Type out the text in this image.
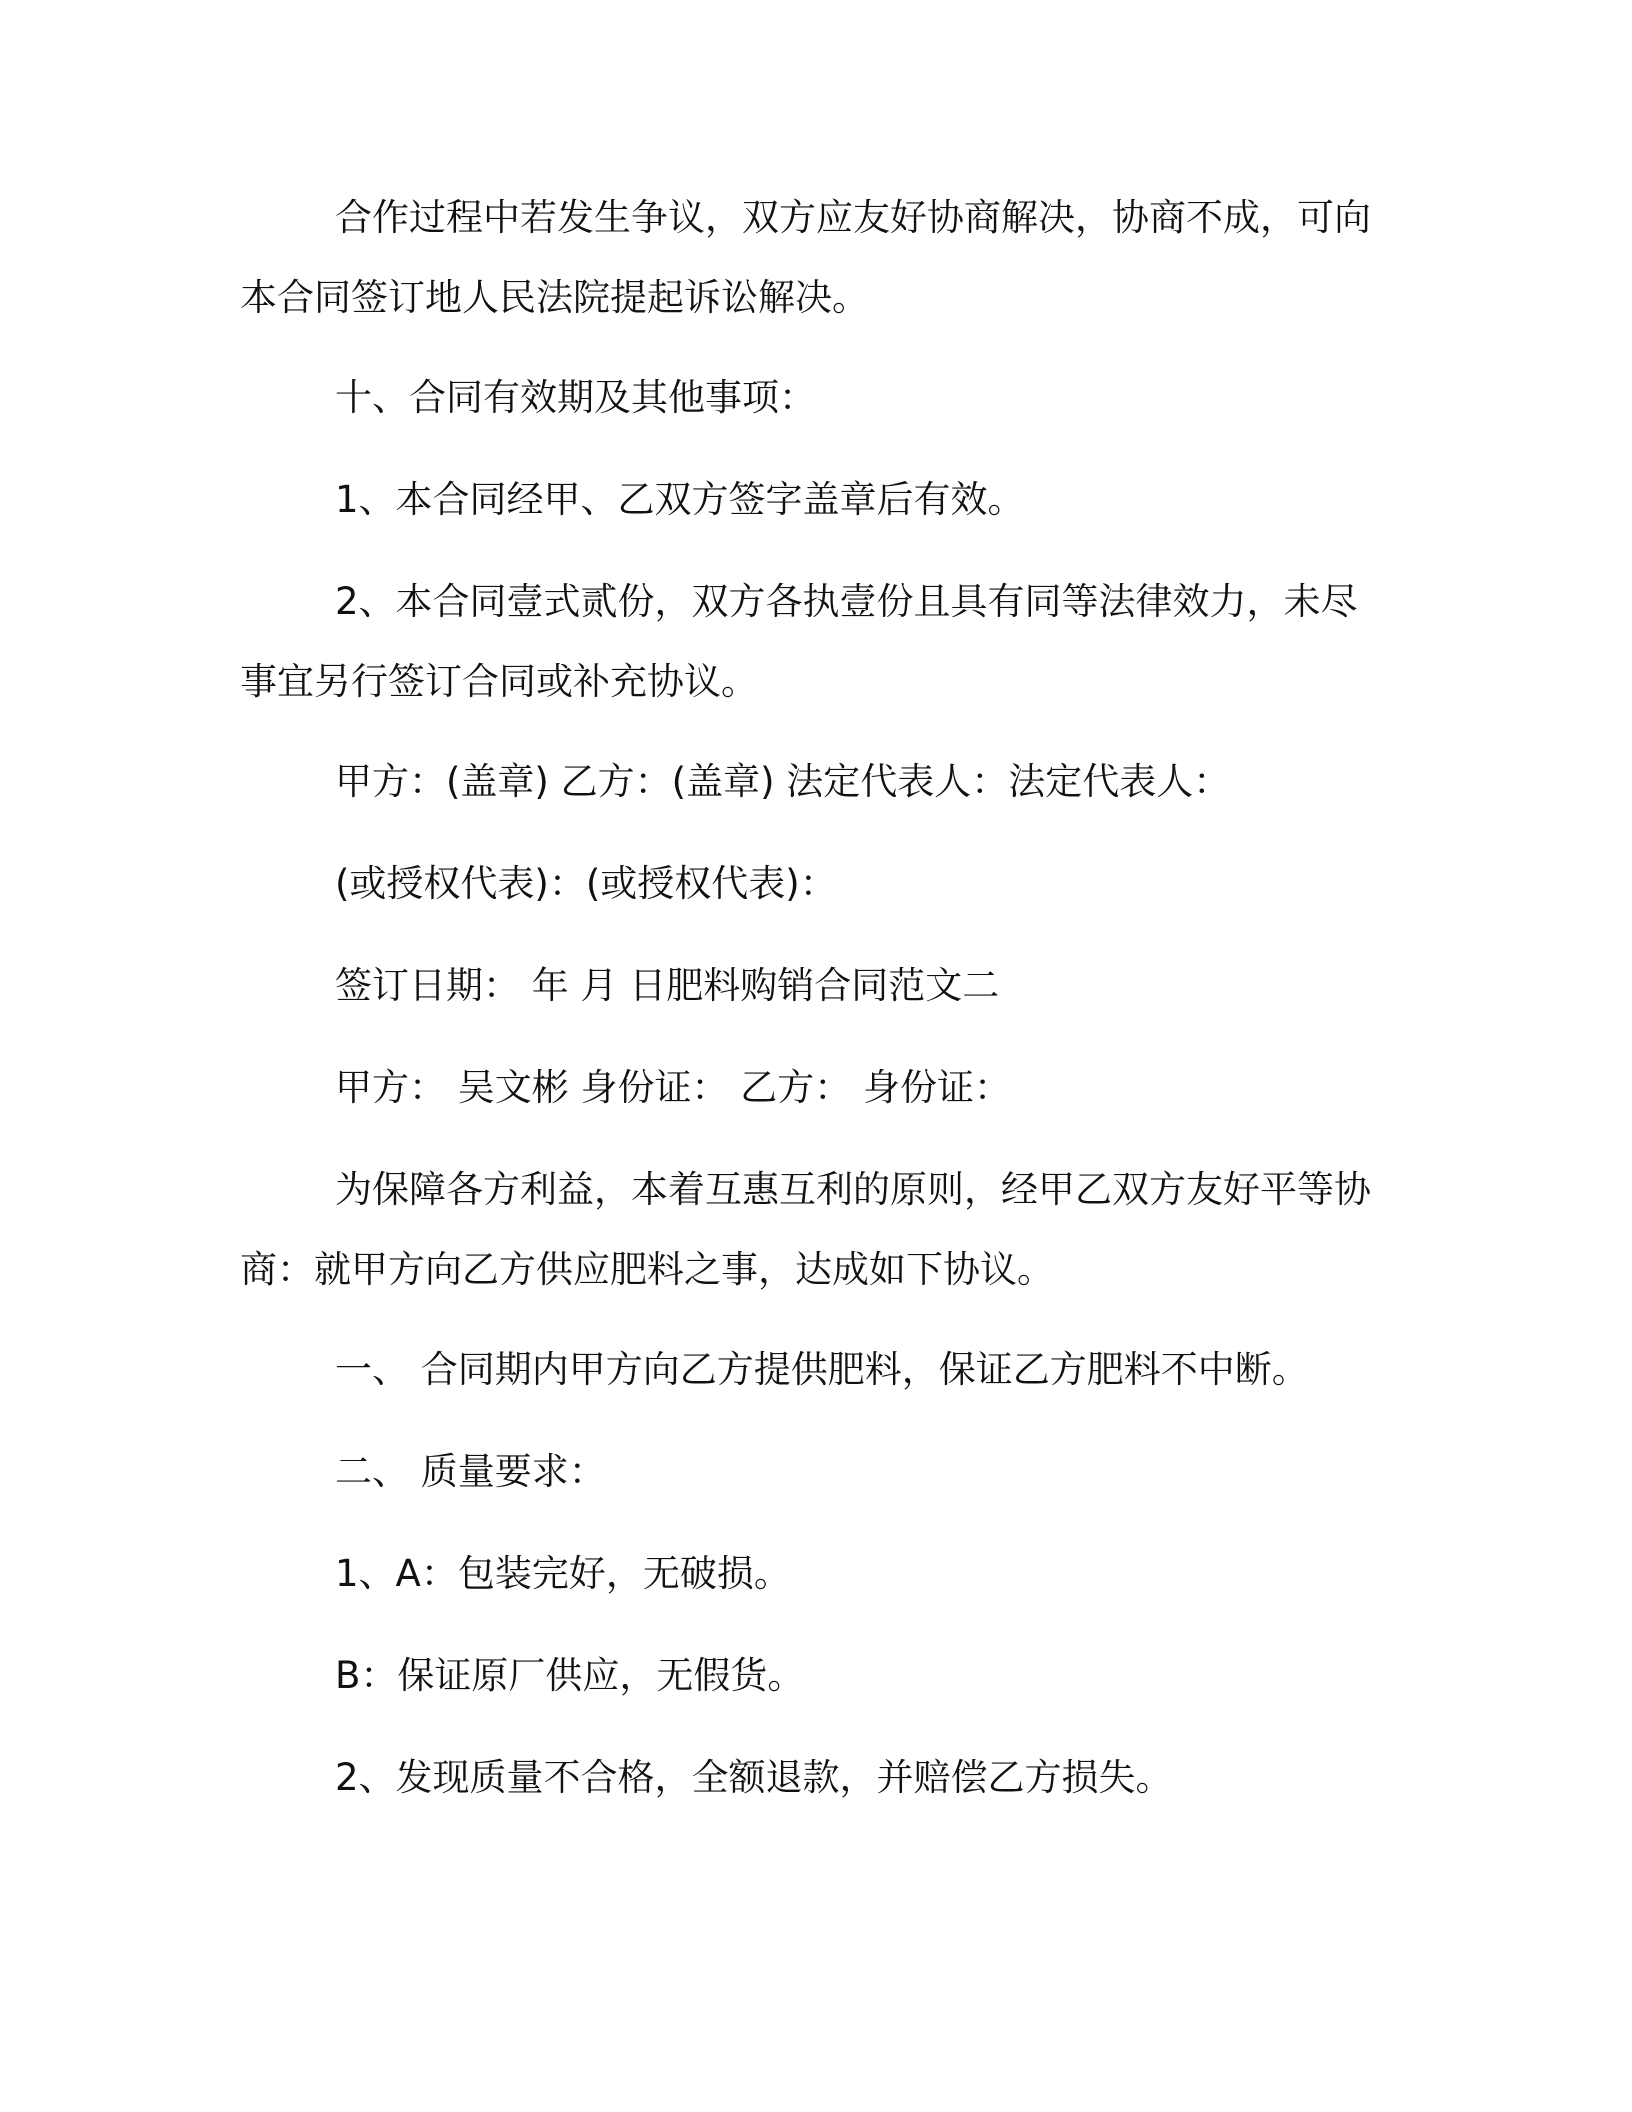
合作过程中若发生争议，双方应友好协商解决，协商不成，可向
本合同签订地人民法院提起诉讼解决。
十、合同有效期及其他事项：
1、本合同经甲、乙双方签字盖章后有效。
2、本合同壹式贰份，双方各执壹份且具有同等法律效力，未尽
事宜另行签订合同或补充协议。
甲方：(盖章) 乙方：(盖章) 法定代表人：法定代表人：
(或授权代表)：(或授权代表)：
签订日期： 年 月 日肥料购销合同范文二
甲方： 吴文彬 身份证： 乙方： 身份证：
为保障各方利益，本着互惠互利的原则，经甲乙双方友好平等协
商：就甲方向乙方供应肥料之事，达成如下协议。
一、 合同期内甲方向乙方提供肥料，保证乙方肥料不中断。
二、 质量要求：
1、A：包装完好，无破损。
B：保证原厂供应，无假货。
2、发现质量不合格，全额退款，并赔偿乙方损失。
